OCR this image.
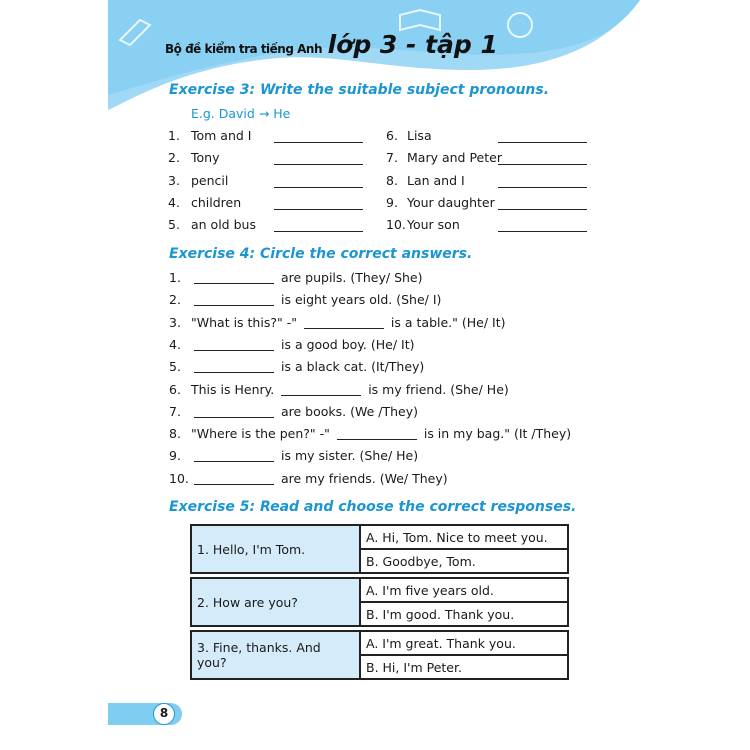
Bộ đề kiểm tra tiếng Anh lớp 3 - tập 1
Exercise 3: Write the suitable subject pronouns.
E.g. David → He
1. Tom and I
2. Tony
3. pencil
4. children
5. an old bus
6. Lisa
7. Mary and Peter
8. Lan and I
9. Your daughter
10. Your son
Exercise 4: Circle the correct answers.
1.	are pupils. (They/ She)
2.	is eight years old. (She/ I)
3. "What is this?" -"	is a table." (He/ It)
4.	is a good boy. (He/ It)
5.	is a black cat. (It/They)
6. This is Henry.	is my friend. (She/ He)
7.	are books. (We /They)
8. "Where is the pen?" -"	is in my bag." (It /They)
9.	is my sister. (She/ He)
10.	are my friends. (We/ They)
Exercise 5: Read and choose the correct responses.
1. Hello, I'm Tom.	A. Hi, Tom. Nice to meet you.
B. Goodbye, Tom.
2. How are you?	A. I'm five years old.
B. I'm good. Thank you.
3. Fine, thanks. And you?	A. I'm great. Thank you.
B. Hi, I'm Peter.
8
